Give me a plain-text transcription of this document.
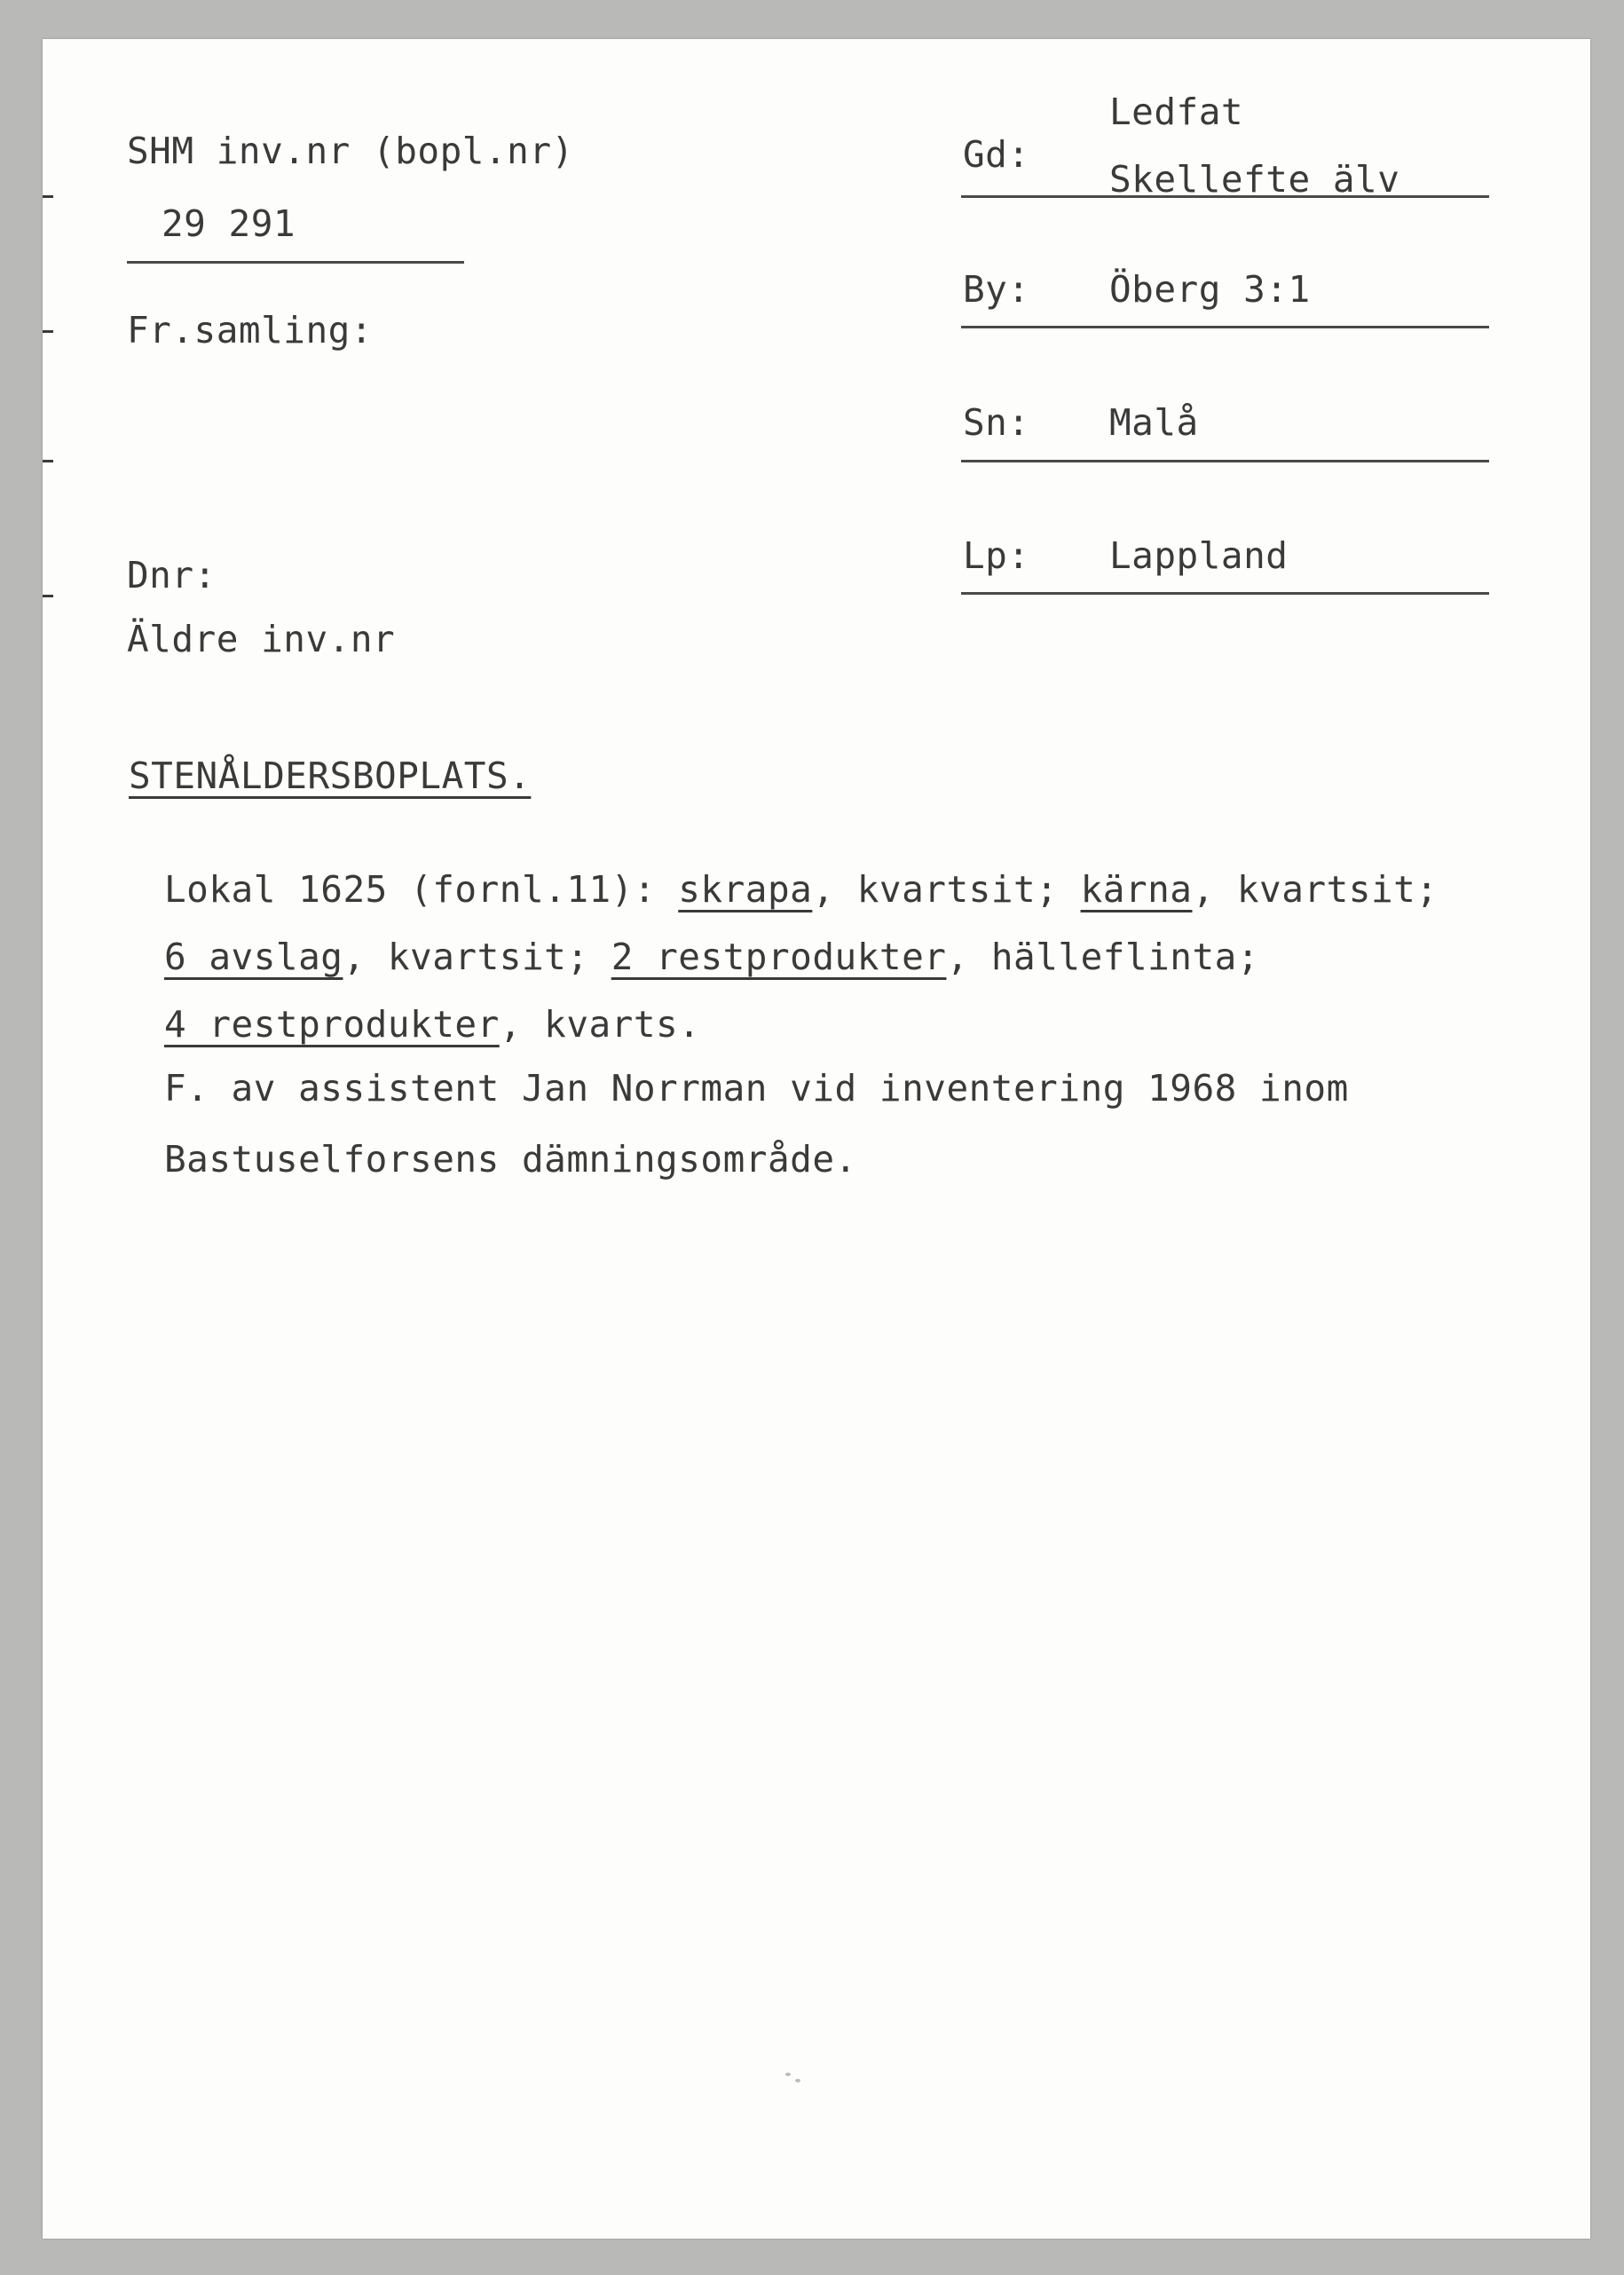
SHM inv.nr (bopl.nr)
29 291
Fr.samling:
Dnr:
Äldre inv.nr
Ledfat
Gd:
Skellefte älv
By: Öberg 3:1
Sn: Malå
Lp: Lappland
STENÅLDERSBOPLATS.
Lokal 1625 (fornl.11): skrapa, kvartsit; kärna, kvartsit;
6 avslag, kvartsit; 2 restprodukter, hälleflinta;
4 restprodukter, kvarts.
F. av assistent Jan Norrman vid inventering 1968 inom
Bastuselforsens dämningsområde.
